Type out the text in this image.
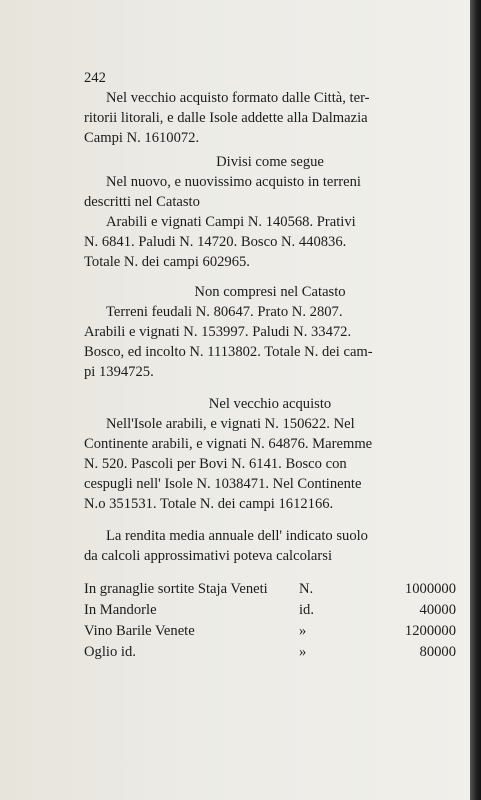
242

Nel vecchio acquisto formato dalle Città, ter-

ritorii litorali, e dalle Isole addette alla Dalmazia

Campi N. 1610072.

Divisi come segue

Nel nuovo, e nuovissimo acquisto in terreni

descritti nel Catasto

Arabili e vignati Campi N. 140568. Prativi

N. 6841. Paludi N. 14720. Bosco N. 440836.

Totale N. dei campi 602965.

Non compresi nel Catasto

Terreni feudali N. 80647. Prato N. 2807.

Arabili e vignati N. 153997. Paludi N. 33472.

Bosco, ed incolto N. 1113802. Totale N. dei cam-

pi 1394725.

Nel vecchio acquisto

Nell'Isole arabili, e vignati N. 150622. Nel

Continente arabili, e vignati N. 64876. Maremme

N. 520. Pascoli per Bovi N. 6141. Bosco con

cespugli nell' Isole N. 1038471. Nel Continente

N.o 351531. Totale N. dei campi 1612166.

La rendita media annuale dell' indicato suolo

da calcoli approssimativi poteva calcolarsi

In granaglie sortite Staja Veneti	N.	1000000
In Mandorle	id.	40000
Vino Barile Venete	»	1200000
Oglio id.	»	80000
